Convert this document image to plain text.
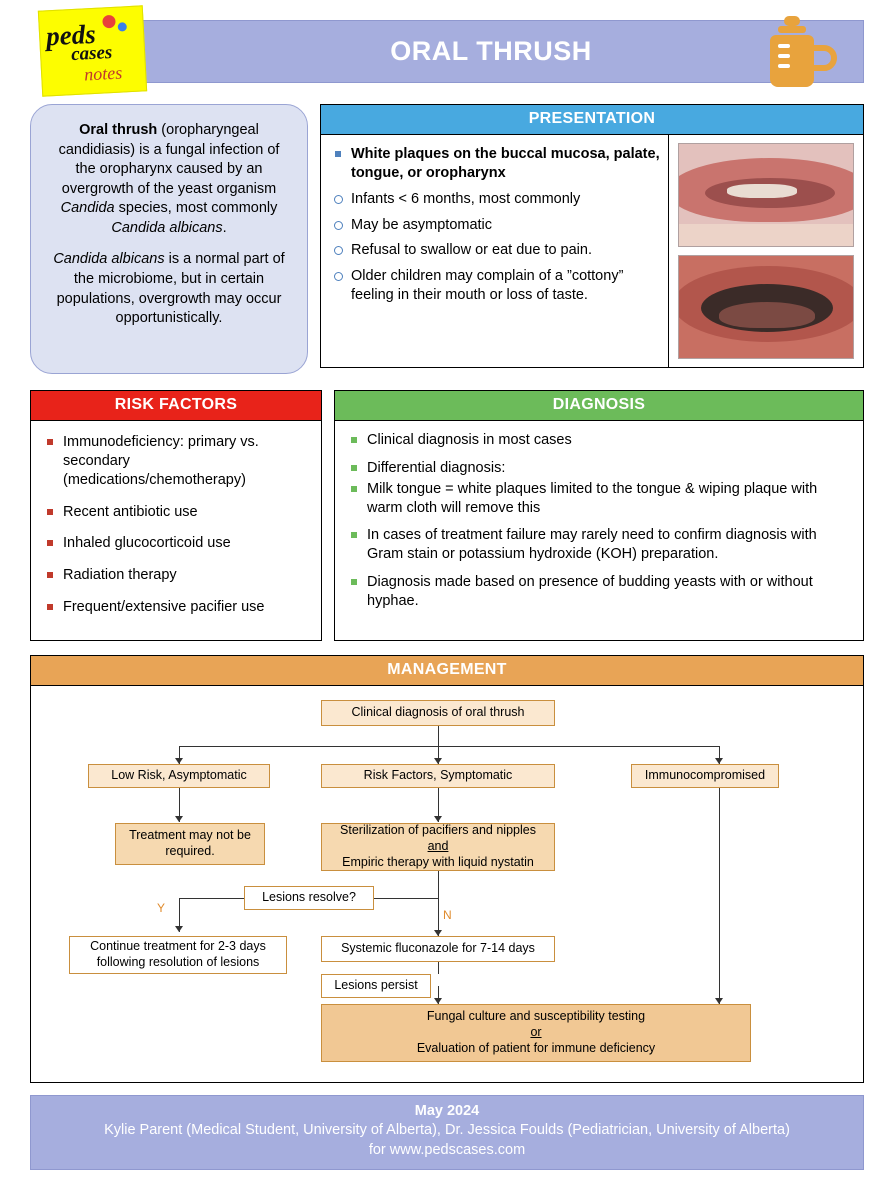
peds
cases
notes
ORAL THRUSH

Oral thrush (oropharyngeal candidiasis) is a fungal infection of the oropharynx caused by an overgrowth of the yeast organism Candida species, most commonly Candida albicans.

Candida albicans is a normal part of the microbiome, but in certain populations, overgrowth may occur opportunistically.

PRESENTATION
White plaques on the buccal mucosa, palate, tongue, or oropharynx
Infants < 6 months, most commonly
May be asymptomatic
Refusal to swallow or eat due to pain.
Older children may complain of a ”cottony” feeling in their mouth or loss of taste.
RISK FACTORS
Immunodeficiency: primary vs. secondary (medications/chemotherapy)
Recent antibiotic use
Inhaled glucocorticoid use
Radiation therapy
Frequent/extensive pacifier use
DIAGNOSIS
Clinical diagnosis in most cases
Differential diagnosis:
Milk tongue = white plaques limited to the tongue & wiping plaque with warm cloth will remove this
In cases of treatment failure may rarely need to confirm diagnosis with Gram stain or potassium hydroxide (KOH) preparation.
Diagnosis made based on presence of budding yeasts with or without hyphae.
MANAGEMENT
Clinical diagnosis of oral thrush
Low Risk, Asymptomatic	Risk Factors, Symptomatic	Immunocompromised
Treatment may not be required.
Sterilization of pacifiers and nipples
and
Empiric therapy with liquid nystatin
Lesions resolve?
Y	N
Continue treatment for 2-3 days following resolution of lesions
Systemic fluconazole for 7-14 days
Lesions persist
Fungal culture and susceptibility testing
or
Evaluation of patient for immune deficiency
May 2024
Kylie Parent (Medical Student, University of Alberta), Dr. Jessica Foulds (Pediatrician, University of Alberta)
for www.pedscases.com
